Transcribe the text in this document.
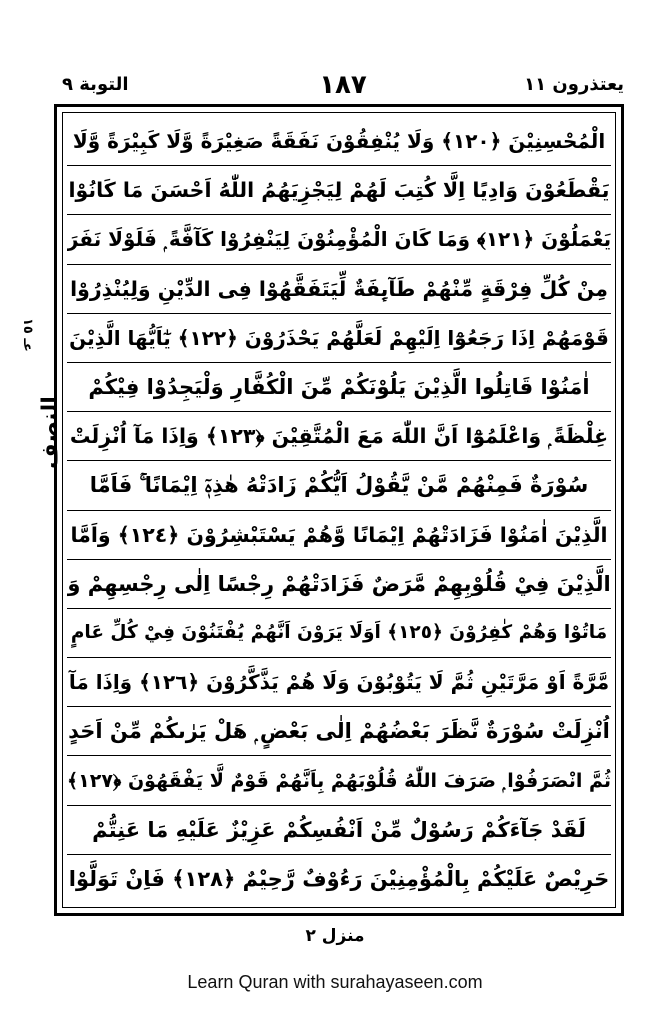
يعتذرون ١١
١٨٧
التوبة ٩
عـ ١٥
النصف
الْمُحْسِنِيْنَ ﴿١٢٠﴾ وَلَا يُنْفِقُوْنَ نَفَقَةً صَغِيْرَةً وَّلَا كَبِيْرَةً وَّلَا
يَقْطَعُوْنَ وَادِيًا اِلَّا كُتِبَ لَهُمْ لِيَجْزِيَهُمُ اللّٰهُ اَحْسَنَ مَا كَانُوْا
يَعْمَلُوْنَ ﴿١٢١﴾ وَمَا كَانَ الْمُؤْمِنُوْنَ لِيَنْفِرُوْا كَآفَّةً ۭ فَلَوْلَا نَفَرَ
مِنْ كُلِّ فِرْقَةٍ مِّنْهُمْ طَآىِٕفَةٌ لِّيَتَفَقَّهُوْا فِى الدِّيْنِ وَلِيُنْذِرُوْا
قَوْمَهُمْ اِذَا رَجَعُوْٓا اِلَيْهِمْ لَعَلَّهُمْ يَحْذَرُوْنَ ﴿١٢٢﴾ يٰٓاَيُّهَا الَّذِيْنَ
اٰمَنُوْا قَاتِلُوا الَّذِيْنَ يَلُوْنَكُمْ مِّنَ الْكُفَّارِ وَلْيَجِدُوْا فِيْكُمْ
غِلْظَةً ۭ وَاعْلَمُوْٓا اَنَّ اللّٰهَ مَعَ الْمُتَّقِيْنَ ﴿١٢٣﴾ وَاِذَا مَآ اُنْزِلَتْ
سُوْرَةٌ فَمِنْهُمْ مَّنْ يَّقُوْلُ اَيُّكُمْ زَادَتْهُ هٰذِهٖٓ اِيْمَانًا ۚ فَاَمَّا
الَّذِيْنَ اٰمَنُوْا فَزَادَتْهُمْ اِيْمَانًا وَّهُمْ يَسْتَبْشِرُوْنَ ﴿١٢٤﴾ وَاَمَّا
الَّذِيْنَ فِيْ قُلُوْبِهِمْ مَّرَضٌ فَزَادَتْهُمْ رِجْسًا اِلٰى رِجْسِهِمْ وَ
مَاتُوْا وَهُمْ كٰفِرُوْنَ ﴿١٢٥﴾ اَوَلَا يَرَوْنَ اَنَّهُمْ يُفْتَنُوْنَ فِيْ كُلِّ عَامٍ
مَّرَّةً اَوْ مَرَّتَيْنِ ثُمَّ لَا يَتُوْبُوْنَ وَلَا هُمْ يَذَّكَّرُوْنَ ﴿١٢٦﴾ وَاِذَا مَآ
اُنْزِلَتْ سُوْرَةٌ نَّظَرَ بَعْضُهُمْ اِلٰى بَعْضٍ ۭ هَلْ يَرٰىكُمْ مِّنْ اَحَدٍ
ثُمَّ انْصَرَفُوْا ۭ صَرَفَ اللّٰهُ قُلُوْبَهُمْ بِاَنَّهُمْ قَوْمٌ لَّا يَفْقَهُوْنَ ﴿١٢٧﴾
لَقَدْ جَآءَكُمْ رَسُوْلٌ مِّنْ اَنْفُسِكُمْ عَزِيْزٌ عَلَيْهِ مَا عَنِتُّمْ
حَرِيْصٌ عَلَيْكُمْ بِالْمُؤْمِنِيْنَ رَءُوْفٌ رَّحِيْمٌ ﴿١٢٨﴾ فَاِنْ تَوَلَّوْا
منزل ٢
Learn Quran with surahayaseen.com
